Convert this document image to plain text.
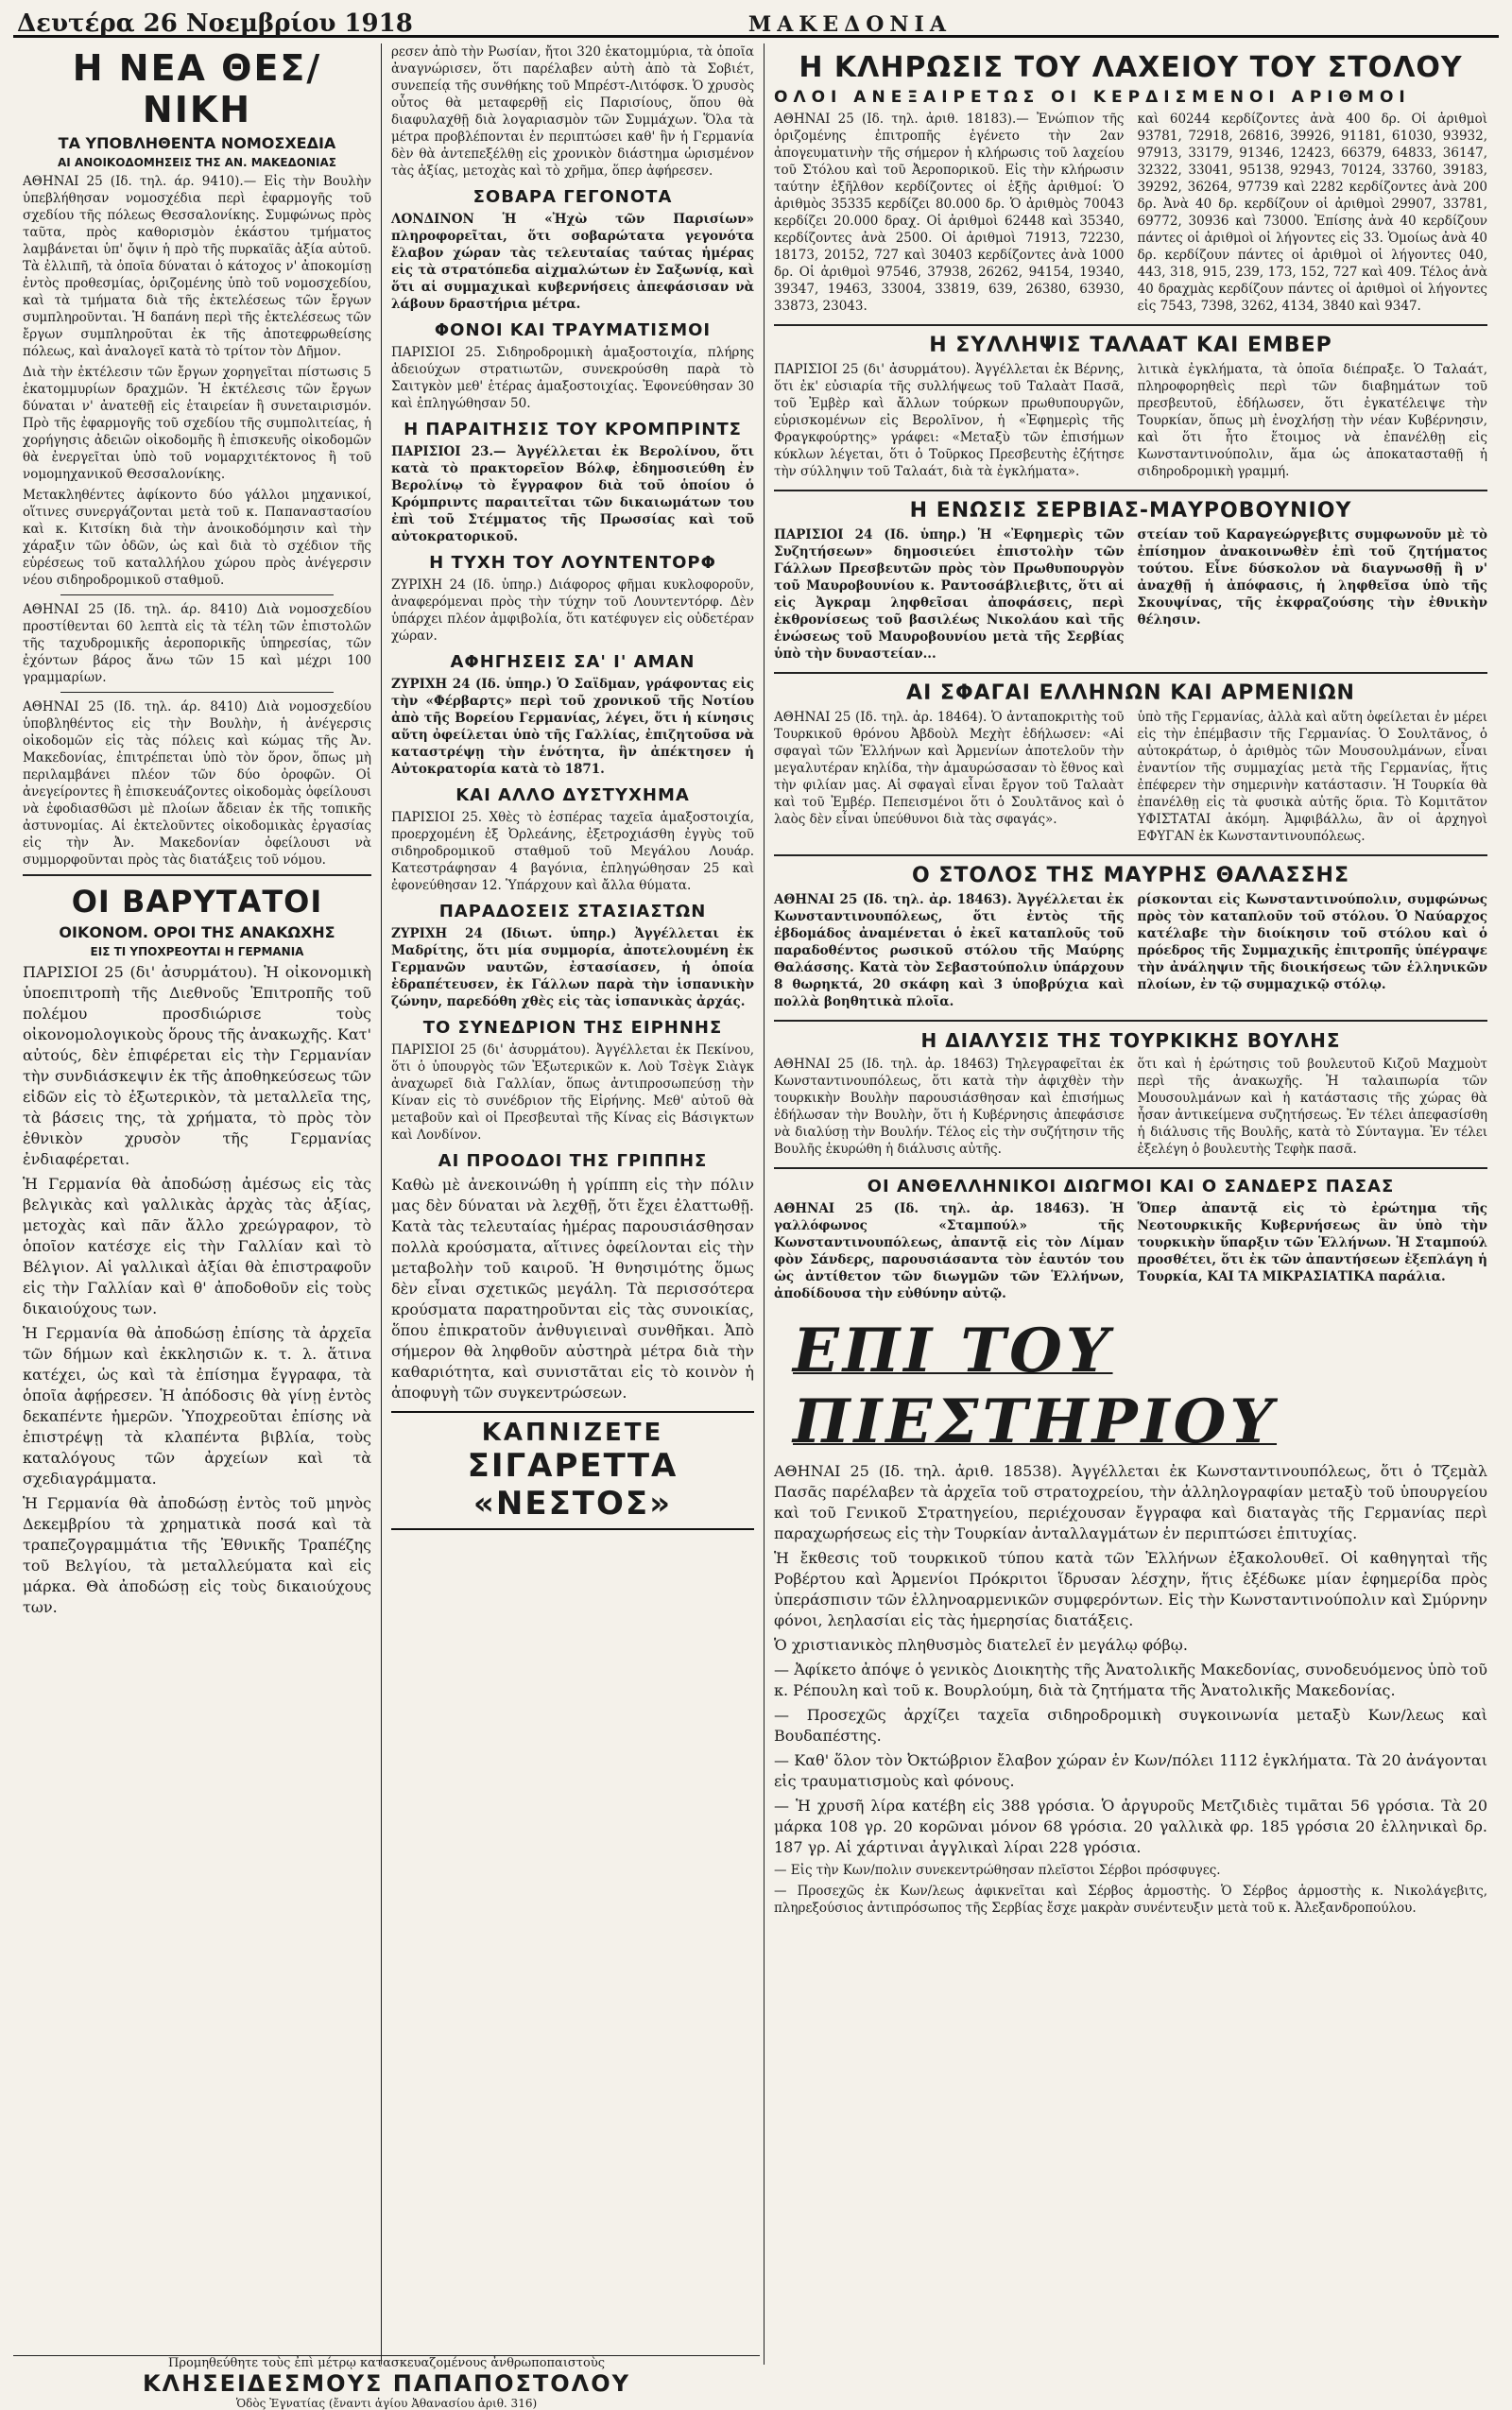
Δευτέρα 26 Νοεμβρίου 1918	ΜΑΚΕΔΟΝΙΑ
Η ΝΕΑ ΘΕΣ/ΝΙΚΗ
ΤΑ ΥΠΟΒΛΗΘΕΝΤΑ ΝΟΜΟΣΧΕΔΙΑ
ΑΙ ΑΝΟΙΚΟΔΟΜΗΣΕΙΣ ΤΗΣ ΑΝ. ΜΑΚΕΔΟΝΙΑΣ

ΑΘΗΝΑΙ 25 (Ιδ. τηλ. άρ. 9410).— Εἰς τὴν Βουλὴν ὑπεβλήθησαν νομοσχέδια περὶ ἐφαρμογῆς τοῦ σχεδίου τῆς πόλεως Θεσσαλονίκης. Συμφώνως πρὸς ταῦτα, πρὸς καθορισμὸν ἑκάστου τμήματος λαμβάνεται ὑπ' ὄψιν ἡ πρὸ τῆς πυρκαϊᾶς ἀξία αὐτοῦ. Τὰ ἐλλιπῆ, τὰ ὁποῖα δύναται ὁ κάτοχος ν' ἀποκομίσῃ ἐντὸς προθεσμίας, ὁριζομένης ὑπὸ τοῦ νομοσχεδίου, καὶ τὰ τμήματα διὰ τῆς ἐκτελέσεως τῶν ἔργων συμπληροῦνται. Ἡ δαπάνη περὶ τῆς ἐκτελέσεως τῶν ἔργων συμπληροῦται ἐκ τῆς ἀποτεφρωθείσης πόλεως, καὶ ἀναλογεῖ κατὰ τὸ τρίτον τὸν Δῆμον.

Διὰ τὴν ἐκτέλεσιν τῶν ἔργων χορηγεῖται πίστωσις 5 ἑκατομμυρίων δραχμῶν. Ἡ ἐκτέλεσις τῶν ἔργων δύναται ν' ἀνατεθῇ εἰς ἑταιρείαν ἢ συνεταιρισμόν. Πρὸ τῆς ἐφαρμογῆς τοῦ σχεδίου τῆς συμπολιτείας, ἡ χορήγησις ἀδειῶν οἰκοδομῆς ἢ ἐπισκευῆς οἰκοδομῶν θὰ ἐνεργεῖται ὑπὸ τοῦ νομαρχιτέκτονος ἢ τοῦ νομομηχανικοῦ Θεσσαλονίκης.

Μετακληθέντες ἀφίκοντο δύο γάλλοι μηχανικοί, οἵτινες συνεργάζονται μετὰ τοῦ κ. Παπαναστασίου καὶ κ. Κιτσίκη διὰ τὴν ἀνοικοδόμησιν καὶ τὴν χάραξιν τῶν ὁδῶν, ὡς καὶ διὰ τὸ σχέδιον τῆς εὑρέσεως τοῦ καταλλήλου χώρου πρὸς ἀνέγερσιν νέου σιδηροδρομικοῦ σταθμοῦ.

ΑΘΗΝΑΙ 25 (Ιδ. τηλ. άρ. 8410) Διὰ νομοσχεδίου προστίθενται 60 λεπτὰ εἰς τὰ τέλη τῶν ἐπιστολῶν τῆς ταχυδρομικῆς ἀεροπορικῆς ὑπηρεσίας, τῶν ἐχόντων βάρος ἄνω τῶν 15 καὶ μέχρι 100 γραμμαρίων.

ΑΘΗΝΑΙ 25 (Ιδ. τηλ. άρ. 8410) Διὰ νομοσχεδίου ὑποβληθέντος εἰς τὴν Βουλὴν, ἡ ἀνέγερσις οἰκοδομῶν εἰς τὰς πόλεις καὶ κώμας τῆς Ἀν. Μακεδονίας, ἐπιτρέπεται ὑπὸ τὸν ὅρον, ὅπως μὴ περιλαμβάνει πλέον τῶν δύο ὀροφῶν. Οἱ ἀνεγείροντες ἢ ἐπισκευάζοντες οἰκοδομὰς ὀφείλουσι νὰ ἐφοδιασθῶσι μὲ πλοίων ἄδειαν ἐκ τῆς τοπικῆς ἀστυνομίας. Αἱ ἐκτελοῦντες οἰκοδομικὰς ἐργασίας εἰς τὴν Ἀν. Μακεδονίαν ὀφείλουσι νὰ συμμορφοῦνται πρὸς τὰς διατάξεις τοῦ νόμου.

ΟΙ ΒΑΡΥΤΑΤΟΙ
ΟΙΚΟΝΟΜ. ΟΡΟΙ ΤΗΣ ΑΝΑΚΩΧΗΣ
ΕΙΣ ΤΙ ΥΠΟΧΡΕΟΥΤΑΙ Η ΓΕΡΜΑΝΙΑ

ΠΑΡΙΣΙΟΙ 25 (δι' ἀσυρμάτου). Ἡ οἰκονομικὴ ὑποεπιτροπὴ τῆς Διεθνοῦς Ἐπιτροπῆς τοῦ πολέμου προσδιώρισε τοὺς οἰκονομολογικοὺς ὅρους τῆς ἀνακωχῆς. Κατ' αὐτούς, δὲν ἐπιφέρεται εἰς τὴν Γερμανίαν τὴν συνδιάσκεψιν ἐκ τῆς ἀποθηκεύσεως τῶν εἰδῶν εἰς τὸ ἐξωτερικὸν, τὰ μεταλλεῖα της, τὰ βάσεις της, τὰ χρήματα, τὸ πρὸς τὸν ἐθνικὸν χρυσὸν τῆς Γερμανίας ἐνδιαφέρεται.

Ἡ Γερμανία θὰ ἀποδώσῃ ἀμέσως εἰς τὰς βελγικὰς καὶ γαλλικὰς ἀρχὰς τὰς ἀξίας, μετοχὰς καὶ πᾶν ἄλλο χρεώγραφον, τὸ ὁποῖον κατέσχε εἰς τὴν Γαλλίαν καὶ τὸ Βέλγιον. Αἱ γαλλικαὶ ἀξίαι θὰ ἐπιστραφοῦν εἰς τὴν Γαλλίαν καὶ θ' ἀποδοθοῦν εἰς τοὺς δικαιούχους των.

Ἡ Γερμανία θὰ ἀποδώσῃ ἐπίσης τὰ ἀρχεῖα τῶν δήμων καὶ ἐκκλησιῶν κ. τ. λ. ἅτινα κατέχει, ὡς καὶ τὰ ἐπίσημα ἔγγραφα, τὰ ὁποῖα ἀφῄρεσεν. Ἡ ἀπόδοσις θὰ γίνῃ ἐντὸς δεκαπέντε ἡμερῶν. Ὑποχρεοῦται ἐπίσης νὰ ἐπιστρέψῃ τὰ κλαπέντα βιβλία, τοὺς καταλόγους τῶν ἀρχείων καὶ τὰ σχεδιαγράμματα.

Ἡ Γερμανία θὰ ἀποδώσῃ ἐντὸς τοῦ μηνὸς Δεκεμβρίου τὰ χρηματικὰ ποσά καὶ τὰ τραπεζογραμμάτια τῆς Ἐθνικῆς Τραπέζης τοῦ Βελγίου, τὰ μεταλλεύματα καὶ εἰς μάρκα. Θὰ ἀποδώσῃ εἰς τοὺς δικαιούχους των.

ρεσεν ἀπὸ τὴν Ρωσίαν, ἤτοι 320 ἑκατομμύρια, τὰ ὁποῖα ἀναγνώρισεν, ὅτι παρέλαβεν αὐτὴ ἀπὸ τὰ Σοβιέτ, συνεπείᾳ τῆς συνθήκης τοῦ Μπρέστ-Λιτόφσκ. Ὁ χρυσὸς οὗτος θὰ μεταφερθῇ εἰς Παρισίους, ὅπου θὰ διαφυλαχθῇ διὰ λογαριασμὸν τῶν Συμμάχων. Ὅλα τὰ μέτρα προβλέπονται ἐν περιπτώσει καθ' ἣν ἡ Γερμανία δὲν θὰ ἀντεπεξέλθῃ εἰς χρονικὸν διάστημα ὡρισμένον τὰς ἀξίας, μετοχὰς καὶ τὸ χρῆμα, ὅπερ ἀφήρεσεν.

ΣΟΒΑΡΑ ΓΕΓΟΝΟΤΑ

ΛΟΝΔΙΝΟΝ Ἡ «Ἠχὼ τῶν Παρισίων» πληροφορεῖται, ὅτι σοβαρώτατα γεγονότα ἔλαβον χώραν τὰς τελευταίας ταύτας ἡμέρας εἰς τὰ στρατόπεδα αἰχμαλώτων ἐν Σαξωνίᾳ, καὶ ὅτι αἱ συμμαχικαὶ κυβερνήσεις ἀπεφάσισαν νὰ λάβουν δραστήρια μέτρα.

ΦΟΝΟΙ ΚΑΙ ΤΡΑΥΜΑΤΙΣΜΟΙ

ΠΑΡΙΣΙΟΙ 25. Σιδηροδρομικὴ ἁμαξοστοιχία, πλήρης ἀδειούχων στρατιωτῶν, συνεκρούσθη παρὰ τὸ Σαιτγκὸν μεθ' ἑτέρας ἁμαξοστοιχίας. Ἐφονεύθησαν 30 καὶ ἐπληγώθησαν 50.

Η ΠΑΡΑΙΤΗΣΙΣ ΤΟΥ ΚΡΟΜΠΡΙΝΤΣ

ΠΑΡΙΣΙΟΙ 23.— Ἀγγέλλεται ἐκ Βερολίνου, ὅτι κατὰ τὸ πρακτορεῖον Βόλφ, ἐδημοσιεύθη ἐν Βερολίνῳ τὸ ἔγγραφον διὰ τοῦ ὁποίου ὁ Κρόμπριντς παραιτεῖται τῶν δικαιωμάτων του ἐπὶ τοῦ Στέμματος τῆς Πρωσσίας καὶ τοῦ αὐτοκρατορικοῦ.

Η ΤΥΧΗ ΤΟΥ ΛΟΥΝΤΕΝΤΟΡΦ

ΖΥΡΙΧΗ 24 (Ιδ. ὑπηρ.) Διάφορος φῆμαι κυκλοφοροῦν, ἀναφερόμεναι πρὸς τὴν τύχην τοῦ Λουντεντόρφ. Δὲν ὑπάρχει πλέον ἀμφιβολία, ὅτι κατέφυγεν εἰς οὐδετέραν χώραν.

ΑΦΗΓΗΣΕΙΣ ΣΑ' Ι' ΑΜΑΝ

ΖΥΡΙΧΗ 24 (Ιδ. ὑπηρ.) Ὁ Σαϊδμαν, γράφοντας εἰς τὴν «Φέρβαρτς» περὶ τοῦ χρονικοῦ τῆς Νοτίου ἀπὸ τῆς Βορείου Γερμανίας, λέγει, ὅτι ἡ κίνησις αὕτη ὀφείλεται ὑπὸ τῆς Γαλλίας, ἐπιζητοῦσα νὰ καταστρέψῃ τὴν ἑνότητα, ἣν ἀπέκτησεν ἡ Αὐτοκρατορία κατὰ τὸ 1871.

ΚΑΙ ΑΛΛΟ ΔΥΣΤΥΧΗΜΑ

ΠΑΡΙΣΙΟΙ 25. Χθὲς τὸ ἑσπέρας ταχεῖα ἁμαξοστοιχία, προερχομένη ἐξ Ὀρλεάνης, ἐξετροχιάσθη ἐγγὺς τοῦ σιδηροδρομικοῦ σταθμοῦ τοῦ Μεγάλου Λουάρ. Κατεστράφησαν 4 βαγόνια, ἐπληγώθησαν 25 καὶ ἐφονεύθησαν 12. Ὑπάρχουν καὶ ἄλλα θύματα.

ΠΑΡΑΔΟΣΕΙΣ ΣΤΑΣΙΑΣΤΩΝ

ΖΥΡΙΧΗ 24 (Ιδιωτ. ὑπηρ.) Ἀγγέλλεται ἐκ Μαδρίτης, ὅτι μία συμμορία, ἀποτελουμένη ἐκ Γερμανῶν ναυτῶν, ἐστασίασεν, ἡ ὁποία ἐδραπέτευσεν, ἐκ Γάλλων παρὰ τὴν ἱσπανικὴν ζώνην, παρεδόθη χθὲς εἰς τὰς ἱσπανικὰς ἀρχάς.

ΤΟ ΣΥΝΕΔΡΙΟΝ ΤΗΣ ΕΙΡΗΝΗΣ

ΠΑΡΙΣΙΟΙ 25 (δι' ἀσυρμάτου). Ἀγγέλλεται ἐκ Πεκίνου, ὅτι ὁ ὑπουργὸς τῶν Ἐξωτερικῶν κ. Λοὺ Τσὲγκ Σιὰγκ ἀναχωρεῖ διὰ Γαλλίαν, ὅπως ἀντιπροσωπεύσῃ τὴν Κίναν εἰς τὸ συνέδριον τῆς Εἰρήνης. Μεθ' αὐτοῦ θὰ μεταβοῦν καὶ οἱ Πρεσβευταὶ τῆς Κίνας εἰς Βάσιγκτων καὶ Λονδίνον.

ΑΙ ΠΡΟΟΔΟΙ ΤΗΣ ΓΡΙΠΠΗΣ

Καθὼ μὲ ἀνεκοινώθη ἡ γρίππη εἰς τὴν πόλιν μας δὲν δύναται νὰ λεχθῇ, ὅτι ἔχει ἐλαττωθῇ. Κατὰ τὰς τελευταίας ἡμέρας παρουσιάσθησαν πολλὰ κρούσματα, αἵτινες ὀφείλονται εἰς τὴν μεταβολὴν τοῦ καιροῦ. Ἡ θνησιμότης ὅμως δὲν εἶναι σχετικῶς μεγάλη. Τὰ περισσότερα κρούσματα παρατηροῦνται εἰς τὰς συνοικίας, ὅπου ἐπικρατοῦν ἀνθυγιειναὶ συνθῆκαι. Ἀπὸ σήμερον θὰ ληφθοῦν αὐστηρὰ μέτρα διὰ τὴν καθαριότητα, καὶ συνιστᾶται εἰς τὸ κοινὸν ἡ ἀποφυγὴ τῶν συγκεντρώσεων.

ΚΑΠΝΙΖΕΤΕ
ΣΙΓΑΡΕΤΤΑ «ΝΕΣΤΟΣ»
Η ΚΛΗΡΩΣΙΣ ΤΟΥ ΛΑΧΕΙΟΥ ΤΟΥ ΣΤΟΛΟΥ
ΟΛΟΙ ΑΝΕΞΑΙΡΕΤΩΣ ΟΙ ΚΕΡΔΙΣΜΕΝΟΙ ΑΡΙΘΜΟΙ

ΑΘΗΝΑΙ 25 (Ιδ. τηλ. ἀριθ. 18183).— Ἐνώπιον τῆς ὁριζομένης ἐπιτροπῆς ἐγένετο τὴν 2αν ἀπογευματινὴν τῆς σήμερον ἡ κλήρωσις τοῦ λαχείου τοῦ Στόλου καὶ τοῦ Ἀεροπορικοῦ. Εἰς τὴν κλήρωσιν ταύτην ἐξῆλθον κερδίζοντες οἱ ἑξῆς ἀριθμοί: Ὁ ἀριθμὸς 35335 κερδίζει 80.000 δρ. Ὁ ἀριθμὸς 70043 κερδίζει 20.000 δραχ. Οἱ ἀριθμοὶ 62448 καὶ 35340, κερδίζοντες ἀνὰ 2500. Οἱ ἀριθμοὶ 71913, 72230, 18173, 20152, 727 καὶ 30403 κερδίζοντες ἀνὰ 1000 δρ. Οἱ ἀριθμοὶ 97546, 37938, 26262, 94154, 19340, 39347, 19463, 33004, 33819, 639, 26380, 63930, 33873, 23043.

καὶ 60244 κερδίζοντες ἀνὰ 400 δρ. Οἱ ἀριθμοὶ 93781, 72918, 26816, 39926, 91181, 61030, 93932, 97913, 33179, 91346, 12423, 66379, 64833, 36147, 32322, 33041, 95138, 92943, 70124, 33760, 39183, 39292, 36264, 97739 καὶ 2282 κερδίζοντες ἀνὰ 200 δρ. Ἀνὰ 40 δρ. κερδίζουν οἱ ἀριθμοὶ 29907, 33781, 69772, 30936 καὶ 73000. Ἐπίσης ἀνὰ 40 κερδίζουν πάντες οἱ ἀριθμοὶ οἱ λήγοντες εἰς 33. Ὁμοίως ἀνὰ 40 δρ. κερδίζουν πάντες οἱ ἀριθμοὶ οἱ λήγοντες 040, 443, 318, 915, 239, 173, 152, 727 καὶ 409. Τέλος ἀνὰ 40 δραχμὰς κερδίζουν πάντες οἱ ἀριθμοὶ οἱ λήγοντες εἰς 7543, 7398, 3262, 4134, 3840 καὶ 9347.

Η ΣΥΛΛΗΨΙΣ ΤΑΛΑΑΤ ΚΑΙ ΕΜΒΕΡ

ΠΑΡΙΣΙΟΙ 25 (δι' ἀσυρμάτου). Ἀγγέλλεται ἐκ Βέρνης, ὅτι ἐκ' εὐσιαρία τῆς συλλήψεως τοῦ Ταλαὰτ Πασᾶ, τοῦ Ἐμβὲρ καὶ ἄλλων τούρκων πρωθυπουργῶν, εὑρισκομένων εἰς Βερολῖνον, ἡ «Ἐφημερὶς τῆς Φραγκφούρτης» γράφει: «Μεταξὺ τῶν ἐπισήμων κύκλων λέγεται, ὅτι ὁ Τοῦρκος Πρεσβευτὴς ἐζήτησε τὴν σύλληψιν τοῦ Ταλαάτ, διὰ τὰ ἐγκλήματα».

λιτικὰ ἐγκλήματα, τὰ ὁποῖα διέπραξε. Ὁ Ταλαάτ, πληροφορηθεὶς περὶ τῶν διαβημάτων τοῦ πρεσβευτοῦ, ἐδήλωσεν, ὅτι ἐγκατέλειψε τὴν Τουρκίαν, ὅπως μὴ ἐνοχλήσῃ τὴν νέαν Κυβέρνησιν, καὶ ὅτι ἦτο ἕτοιμος νὰ ἐπανέλθῃ εἰς Κωνσταντινούπολιν, ἅμα ὡς ἀποκατασταθῇ ἡ σιδηροδρομικὴ γραμμή.

Η ΕΝΩΣΙΣ ΣΕΡΒΙΑΣ-ΜΑΥΡΟΒΟΥΝΙΟΥ

ΠΑΡΙΣΙΟΙ 24 (Ιδ. ὑπηρ.) Ἡ «Ἐφημερὶς τῶν Συζητήσεων» δημοσιεύει ἐπιστολὴν τῶν Γάλλων Πρεσβευτῶν πρὸς τὸν Πρωθυπουργὸν τοῦ Μαυροβουνίου κ. Ραντοσάβλιεβιτς, ὅτι αἱ εἰς Ἀγκραμ ληφθεῖσαι ἀποφάσεις, περὶ ἐκθρονίσεως τοῦ βασιλέως Νικολάου καὶ τῆς ἑνώσεως τοῦ Μαυροβουνίου μετὰ τῆς Σερβίας ὑπὸ τὴν δυναστείαν...

στείαν τοῦ Καραγεώργεβιτς συμφωνοῦν μὲ τὸ ἐπίσημον ἀνακοινωθὲν ἐπὶ τοῦ ζητήματος τούτου. Εἶνε δύσκολον νὰ διαγνωσθῇ ἢ ν' ἀναχθῇ ἡ ἀπόφασις, ἡ ληφθεῖσα ὑπὸ τῆς Σκουψίνας, τῆς ἐκφραζούσης τὴν ἐθνικὴν θέλησιν.

ΑΙ ΣΦΑΓΑΙ ΕΛΛΗΝΩΝ ΚΑΙ ΑΡΜΕΝΙΩΝ

ΑΘΗΝΑΙ 25 (Ιδ. τηλ. ἀρ. 18464). Ὁ ἀνταποκριτὴς τοῦ Τουρκικοῦ θρόνου Ἀβδοὺλ Μεχὴτ ἐδήλωσεν: «Αἱ σφαγαὶ τῶν Ἑλλήνων καὶ Ἀρμενίων ἀποτελοῦν τὴν μεγαλυτέραν κηλίδα, τὴν ἀμαυρώσασαν τὸ ἔθνος καὶ τὴν φιλίαν μας. Αἱ σφαγαὶ εἶναι ἔργον τοῦ Ταλαὰτ καὶ τοῦ Ἐμβέρ. Πεπεισμένοι ὅτι ὁ Σουλτᾶνος καὶ ὁ λαὸς δὲν εἶναι ὑπεύθυνοι διὰ τὰς σφαγάς».

ὑπὸ τῆς Γερμανίας, ἀλλὰ καὶ αὕτη ὀφείλεται ἐν μέρει εἰς τὴν ἐπέμβασιν τῆς Γερμανίας. Ὁ Σουλτᾶνος, ὁ αὐτοκράτωρ, ὁ ἀριθμὸς τῶν Μουσουλμάνων, εἶναι ἐναντίον τῆς συμμαχίας μετὰ τῆς Γερμανίας, ἥτις ἐπέφερεν τὴν σημερινὴν κατάστασιν. Ἡ Τουρκία θὰ ἐπανέλθῃ εἰς τὰ φυσικὰ αὐτῆς ὅρια. Τὸ Κομιτᾶτον ΥΦΙΣΤΑΤΑΙ ἀκόμη. Ἀμφιβάλλω, ἂν οἱ ἀρχηγοὶ ΕΦΥΓΑΝ ἐκ Κωνσταντινουπόλεως.

Ο ΣΤΟΛΟΣ ΤΗΣ ΜΑΥΡΗΣ ΘΑΛΑΣΣΗΣ

ΑΘΗΝΑΙ 25 (Ιδ. τηλ. ἀρ. 18463). Ἀγγέλλεται ἐκ Κωνσταντινουπόλεως, ὅτι ἐντὸς τῆς ἑβδομάδος ἀναμένεται ὁ ἐκεῖ καταπλοῦς τοῦ παραδοθέντος ρωσικοῦ στόλου τῆς Μαύρης Θαλάσσης. Κατὰ τὸν Σεβαστούπολιν ὑπάρχουν 8 θωρηκτά, 20 σκάφη καὶ 3 ὑποβρύχια καὶ πολλὰ βοηθητικὰ πλοῖα.

ρίσκονται εἰς Κωνσταντινούπολιν, συμφώνως πρὸς τὸν καταπλοῦν τοῦ στόλου. Ὁ Ναύαρχος κατέλαβε τὴν διοίκησιν τοῦ στόλου καὶ ὁ πρόεδρος τῆς Συμμαχικῆς ἐπιτροπῆς ὑπέγραψε τὴν ἀνάληψιν τῆς διοικήσεως τῶν ἑλληνικῶν πλοίων, ἐν τῷ συμμαχικῷ στόλῳ.

Η ΔΙΑΛΥΣΙΣ ΤΗΣ ΤΟΥΡΚΙΚΗΣ ΒΟΥΛΗΣ

ΑΘΗΝΑΙ 25 (Ιδ. τηλ. ἀρ. 18463) Τηλεγραφεῖται ἐκ Κωνσταντινουπόλεως, ὅτι κατὰ τὴν ἀφιχθὲν τὴν τουρκικὴν Βουλὴν παρουσιάσθησαν καὶ ἐπισήμως ἐδήλωσαν τὴν Βουλὴν, ὅτι ἡ Κυβέρνησις ἀπεφάσισε νὰ διαλύσῃ τὴν Βουλήν. Τέλος εἰς τὴν συζήτησιν τῆς Βουλῆς ἐκυρώθη ἡ διάλυσις αὐτῆς.

ὅτι καὶ ἡ ἐρώτησις τοῦ βουλευτοῦ Κιζοῦ Μαχμοὺτ περὶ τῆς ἀνακωχῆς. Ἡ ταλαιπωρία τῶν Μουσουλμάνων καὶ ἡ κατάστασις τῆς χώρας θὰ ἦσαν ἀντικείμενα συζητήσεως. Ἐν τέλει ἀπεφασίσθη ἡ διάλυσις τῆς Βουλῆς, κατὰ τὸ Σύνταγμα. Ἐν τέλει ἐξελέγη ὁ βουλευτὴς Τεφὴκ πασᾶ.

ΟΙ ΑΝΘΕΛΛΗΝΙΚΟΙ ΔΙΩΓΜΟΙ ΚΑΙ Ο ΣΑΝΔΕΡΣ ΠΑΣΑΣ

ΑΘΗΝΑΙ 25 (Ιδ. τηλ. ἀρ. 18463). Ἡ γαλλόφωνος «Σταμπούλ» τῆς Κωνσταντινουπόλεως, ἀπαντᾷ εἰς τὸν Λίμαν φὸν Σάνδερς, παρουσιάσαντα τὸν ἑαυτόν του ὡς ἀντίθετον τῶν διωγμῶν τῶν Ἑλλήνων, ἀποδίδουσα τὴν εὐθύνην αὐτῷ.

Ὅπερ ἀπαντᾷ εἰς τὸ ἐρώτημα τῆς Νεοτουρκικῆς Κυβερνήσεως ἂν ὑπὸ τὴν τουρκικὴν ὕπαρξιν τῶν Ἑλλήνων. Ἡ Σταμπούλ προσθέτει, ὅτι ἐκ τῶν ἀπαντήσεων ἐξεπλάγη ἡ Τουρκία, ΚΑΙ ΤΑ ΜΙΚΡΑΣΙΑΤΙΚΑ παράλια.

ΕΠΙ ΤΟΥ ΠΙΕΣΤΗΡΙΟΥ

ΑΘΗΝΑΙ 25 (Ιδ. τηλ. ἀριθ. 18538). Ἀγγέλλεται ἐκ Κωνσταντινουπόλεως, ὅτι ὁ Τζεμὰλ Πασᾶς παρέλαβεν τὰ ἀρχεῖα τοῦ στρατοχρείου, τὴν ἀλληλογραφίαν μεταξὺ τοῦ ὑπουργείου καὶ τοῦ Γενικοῦ Στρατηγείου, περιέχουσαν ἔγγραφα καὶ διαταγὰς τῆς Γερμανίας περὶ παραχωρήσεως εἰς τὴν Τουρκίαν ἀνταλλαγμάτων ἐν περιπτώσει ἐπιτυχίας.

Ἡ ἔκθεσις τοῦ τουρκικοῦ τύπου κατὰ τῶν Ἑλλήνων ἐξακολουθεῖ. Οἱ καθηγηταὶ τῆς Ροβέρτου καὶ Ἀρμενίοι Πρόκριτοι ἵδρυσαν λέσχην, ἥτις ἐξέδωκε μίαν ἐφημερίδα πρὸς ὑπεράσπισιν τῶν ἑλληνοαρμενικῶν συμφερόντων. Εἰς τὴν Κωνσταντινούπολιν καὶ Σμύρνην φόνοι, λεηλασίαι εἰς τὰς ἡμερησίας διατάξεις.

Ὁ χριστιανικὸς πληθυσμὸς διατελεῖ ἐν μεγάλῳ φόβῳ.

— Ἀφίκετο ἀπόψε ὁ γενικὸς Διοικητὴς τῆς Ἀνατολικῆς Μακεδονίας, συνοδευόμενος ὑπὸ τοῦ κ. Ρέπουλη καὶ τοῦ κ. Βουρλούμη, διὰ τὰ ζητήματα τῆς Ἀνατολικῆς Μακεδονίας.

— Προσεχῶς ἀρχίζει ταχεῖα σιδηροδρομικὴ συγκοινωνία μεταξὺ Κων/λεως καὶ Βουδαπέστης.

— Καθ' ὅλον τὸν Ὀκτώβριον ἔλαβον χώραν ἐν Κων/πόλει 1112 ἐγκλήματα. Τὰ 20 ἀνάγονται εἰς τραυματισμοὺς καὶ φόνους.

— Ἡ χρυσῆ λίρα κατέβη εἰς 388 γρόσια. Ὁ ἀργυροῦς Μετζιδιὲς τιμᾶται 56 γρόσια. Τὰ 20 μάρκα 108 γρ. 20 κορῶναι μόνον 68 γρόσια. 20 γαλλικὰ φρ. 185 γρόσια 20 ἑλληνικαὶ δρ. 187 γρ. Αἱ χάρτιναι ἀγγλικαὶ λίραι 228 γρόσια.

— Εἰς τὴν Κων/πολιν συνεκεντρώθησαν πλεῖστοι Σέρβοι πρόσφυγες.

— Προσεχῶς ἐκ Κων/λεως ἀφικνεῖται καὶ Σέρβος ἁρμοστὴς. Ὁ Σέρβος ἁρμοστὴς κ. Νικολάγεβιτς, πληρεξούσιος ἀντιπρόσωπος τῆς Σερβίας ἔσχε μακρὰν συνέντευξιν μετὰ τοῦ κ. Ἀλεξανδροπούλου.

Προμηθεύθητε τοὺς ἐπὶ μέτρῳ κατασκευαζομένους ἀνθρωποπαιστοὺς
ΚΛΗΣΕΙΔΕΣΜΟΥΣ ΠΑΠΑΠΟΣΤΟΛΟΥ
Ὁδὸς Ἐγνατίας (ἔναντι ἁγίου Ἀθανασίου ἀριθ. 316)
